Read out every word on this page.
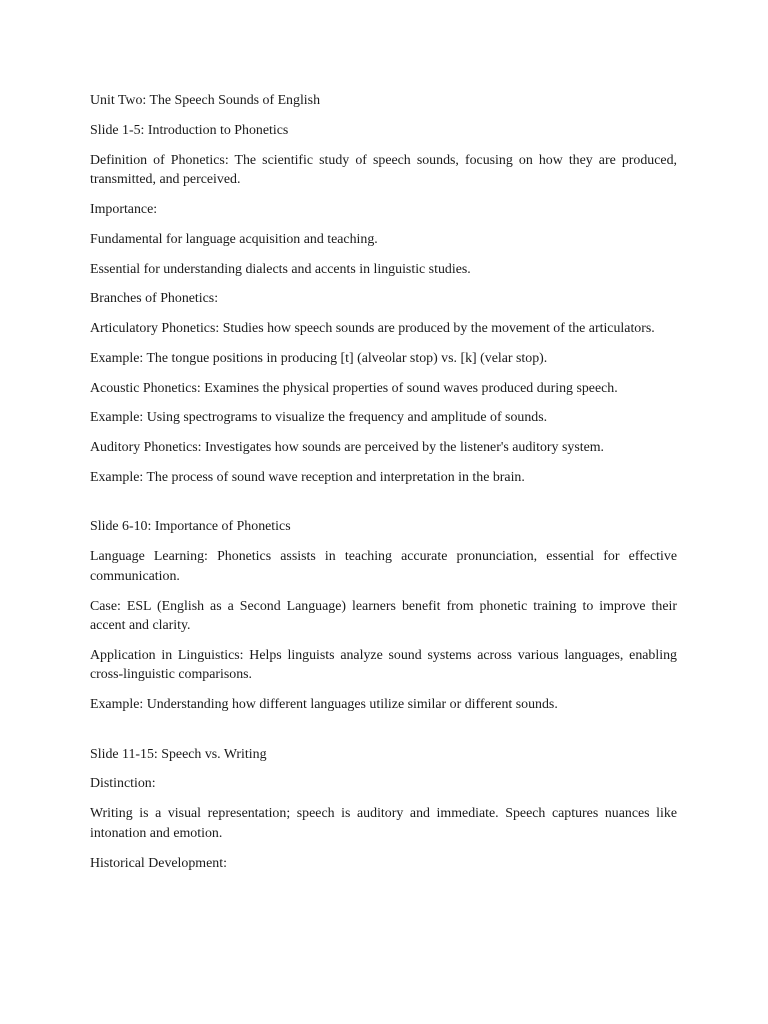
Unit Two: The Speech Sounds of English

Slide 1-5: Introduction to Phonetics

Definition of Phonetics: The scientific study of speech sounds, focusing on how they are produced, transmitted, and perceived.

Importance:

Fundamental for language acquisition and teaching.

Essential for understanding dialects and accents in linguistic studies.

Branches of Phonetics:

Articulatory Phonetics: Studies how speech sounds are produced by the movement of the articulators.

Example: The tongue positions in producing [t] (alveolar stop) vs. [k] (velar stop).

Acoustic Phonetics: Examines the physical properties of sound waves produced during speech.

Example: Using spectrograms to visualize the frequency and amplitude of sounds.

Auditory Phonetics: Investigates how sounds are perceived by the listener's auditory system.

Example: The process of sound wave reception and interpretation in the brain.

Slide 6-10: Importance of Phonetics

Language Learning: Phonetics assists in teaching accurate pronunciation, essential for effective communication.

Case: ESL (English as a Second Language) learners benefit from phonetic training to improve their accent and clarity.

Application in Linguistics: Helps linguists analyze sound systems across various languages, enabling cross-linguistic comparisons.

Example: Understanding how different languages utilize similar or different sounds.

Slide 11-15: Speech vs. Writing

Distinction:

Writing is a visual representation; speech is auditory and immediate. Speech captures nuances like intonation and emotion.

Historical Development:
